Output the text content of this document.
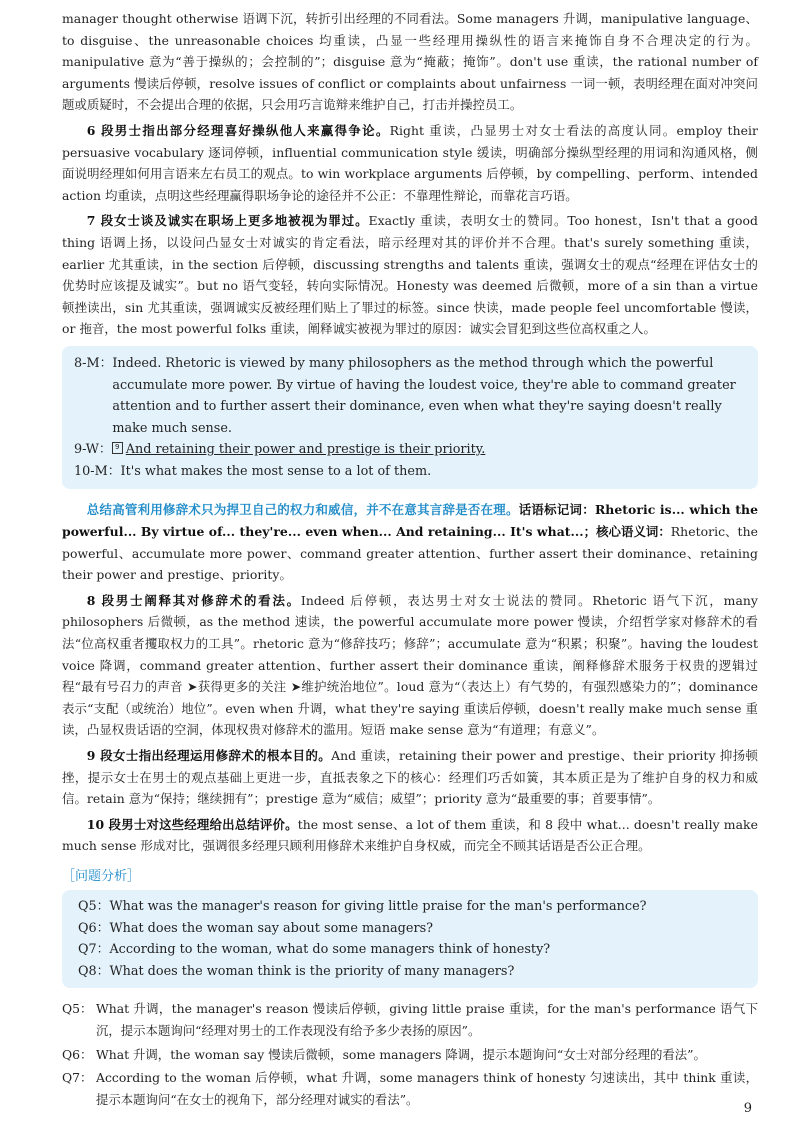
manager thought otherwise 语调下沉，转折引出经理的不同看法。Some managers 升调，manipulative language、to disguise、the unreasonable choices 均重读，凸显一些经理用操纵性的语言来掩饰自身不合理决定的行为。manipulative 意为“善于操纵的；会控制的”；disguise 意为“掩蔽；掩饰”。don't use 重读，the rational number of arguments 慢读后停顿，resolve issues of conflict or complaints about unfairness 一词一顿，表明经理在面对冲突问题或质疑时，不会提出合理的依据，只会用巧言诡辩来维护自己，打击并操控员工。

6 段男士指出部分经理喜好操纵他人来赢得争论。Right 重读，凸显男士对女士看法的高度认同。employ their persuasive vocabulary 逐词停顿，influential communication style 缓读，明确部分操纵型经理的用词和沟通风格，侧面说明经理如何用言语来左右员工的观点。to win workplace arguments 后停顿，by compelling、perform、intended action 均重读，点明这些经理赢得职场争论的途径并不公正：不靠理性辩论，而靠花言巧语。

7 段女士谈及诚实在职场上更多地被视为罪过。Exactly 重读，表明女士的赞同。Too honest，Isn't that a good thing 语调上扬，以设问凸显女士对诚实的肯定看法，暗示经理对其的评价并不合理。that's surely something 重读，earlier 尤其重读，in the section 后停顿，discussing strengths and talents 重读，强调女士的观点“经理在评估女士的优势时应该提及诚实”。but no 语气变轻，转向实际情况。Honesty was deemed 后微顿，more of a sin than a virtue 顿挫读出，sin 尤其重读，强调诚实反被经理们贴上了罪过的标签。since 快读，made people feel uncomfortable 慢读，or 拖音，the most powerful folks 重读，阐释诚实被视为罪过的原因：诚实会冒犯到这些位高权重之人。

8-M： Indeed. Rhetoric is viewed by many philosophers as the method through which the powerful accumulate more power. By virtue of having the loudest voice, they're able to command greater attention and to further assert their dominance, even when what they're saying doesn't really make much sense.
9-W： 9 And retaining their power and prestige is their priority.
10-M： It's what makes the most sense to a lot of them.

总结高管利用修辞术只为捍卫自己的权力和威信，并不在意其言辞是否在理。话语标记词：Rhetoric is... which the powerful... By virtue of... they're... even when... And retaining... It's what...；核心语义词：Rhetoric、the powerful、accumulate more power、command greater attention、further assert their dominance、retaining their power and prestige、priority。

8 段男士阐释其对修辞术的看法。Indeed 后停顿，表达男士对女士说法的赞同。Rhetoric 语气下沉，many philosophers 后微顿，as the method 速读，the powerful accumulate more power 慢读，介绍哲学家对修辞术的看法“位高权重者攫取权力的工具”。rhetoric 意为“修辞技巧；修辞”；accumulate 意为“积累；积聚”。having the loudest voice 降调，command greater attention、further assert their dominance 重读，阐释修辞术服务于权贵的逻辑过程“最有号召力的声音 ➤获得更多的关注 ➤维护统治地位”。loud 意为“（表达上）有气势的，有强烈感染力的”；dominance 表示“支配（或统治）地位”。even when 升调，what they're saying 重读后停顿，doesn't really make much sense 重读，凸显权贵话语的空洞，体现权贵对修辞术的滥用。短语 make sense 意为“有道理；有意义”。

9 段女士指出经理运用修辞术的根本目的。And 重读，retaining their power and prestige、their priority 抑扬顿挫，提示女士在男士的观点基础上更进一步，直抵表象之下的核心：经理们巧舌如簧，其本质正是为了维护自身的权力和威信。retain 意为“保持；继续拥有”；prestige 意为“威信；威望”；priority 意为“最重要的事；首要事情”。

10 段男士对这些经理给出总结评价。the most sense、a lot of them 重读，和 8 段中 what... doesn't really make much sense 形成对比，强调很多经理只顾利用修辞术来维护自身权威，而完全不顾其话语是否公正合理。

［问题分析］
Q5： What was the manager's reason for giving little praise for the man's performance?
Q6： What does the woman say about some managers?
Q7： According to the woman, what do some managers think of honesty?
Q8： What does the woman think is the priority of many managers?
Q5： What 升调，the manager's reason 慢读后停顿，giving little praise 重读，for the man's performance 语气下沉，提示本题询问“经理对男士的工作表现没有给予多少表扬的原因”。
Q6： What 升调，the woman say 慢读后微顿，some managers 降调，提示本题询问“女士对部分经理的看法”。
Q7： According to the woman 后停顿，what 升调，some managers think of honesty 匀速读出，其中 think 重读，提示本题询问“在女士的视角下，部分经理对诚实的看法”。
9
